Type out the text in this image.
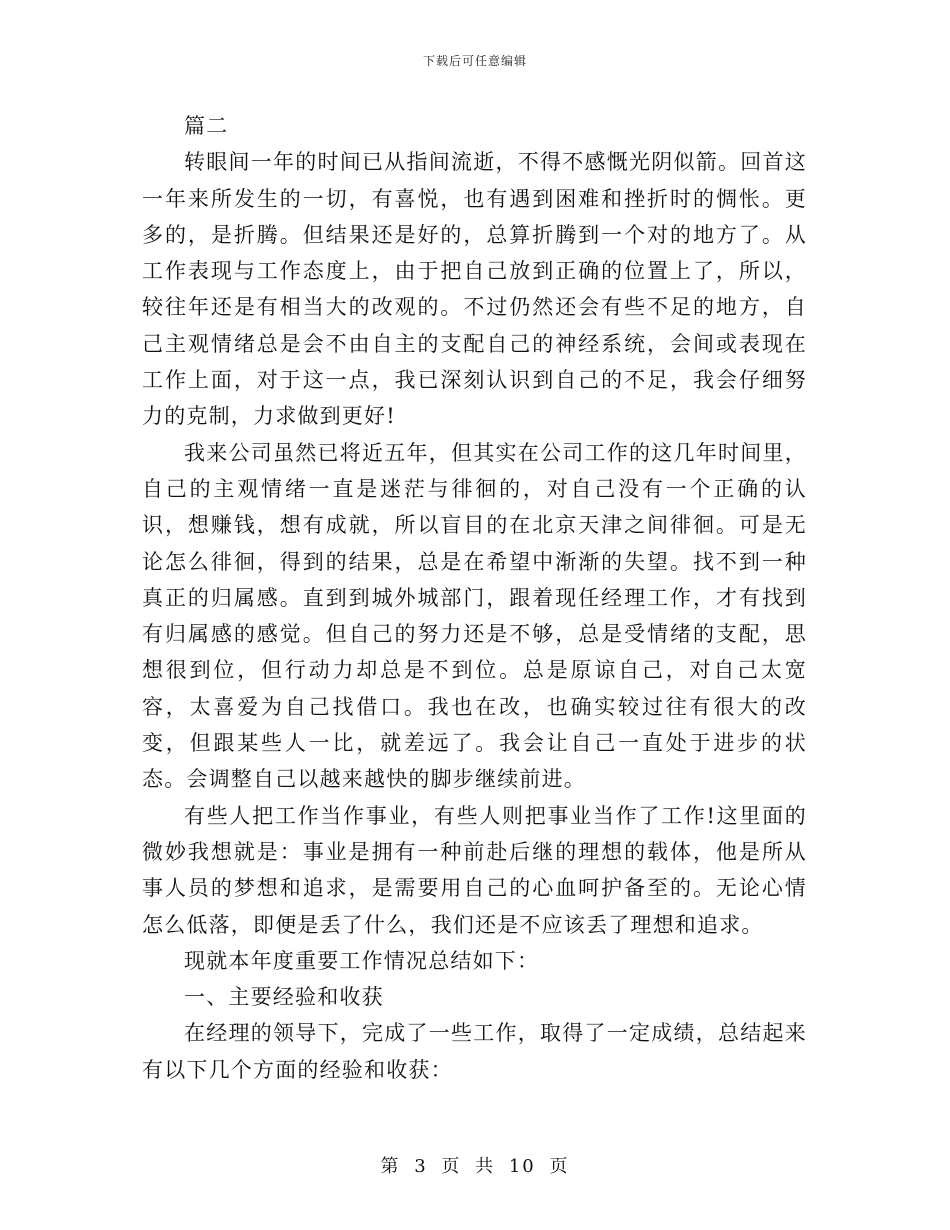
下载后可任意编辑

篇二

转眼间一年的时间已从指间流逝，不得不感慨光阴似箭。回首这一年来所发生的一切，有喜悦，也有遇到困难和挫折时的惆怅。更多的，是折腾。但结果还是好的，总算折腾到一个对的地方了。从工作表现与工作态度上，由于把自己放到正确的位置上了，所以，较往年还是有相当大的改观的。不过仍然还会有些不足的地方，自己主观情绪总是会不由自主的支配自己的神经系统，会间或表现在工作上面，对于这一点，我已深刻认识到自己的不足，我会仔细努力的克制，力求做到更好!

我来公司虽然已将近五年，但其实在公司工作的这几年时间里，自己的主观情绪一直是迷茫与徘徊的，对自己没有一个正确的认识，想赚钱，想有成就，所以盲目的在北京天津之间徘徊。可是无论怎么徘徊，得到的结果，总是在希望中渐渐的失望。找不到一种真正的归属感。直到到城外城部门，跟着现任经理工作，才有找到有归属感的感觉。但自己的努力还是不够，总是受情绪的支配，思想很到位，但行动力却总是不到位。总是原谅自己，对自己太宽容，太喜爱为自己找借口。我也在改，也确实较过往有很大的改变，但跟某些人一比，就差远了。我会让自己一直处于进步的状态。会调整自己以越来越快的脚步继续前进。

有些人把工作当作事业，有些人则把事业当作了工作!这里面的微妙我想就是：事业是拥有一种前赴后继的理想的载体，他是所从事人员的梦想和追求，是需要用自己的心血呵护备至的。无论心情怎么低落，即便是丢了什么，我们还是不应该丢了理想和追求。

现就本年度重要工作情况总结如下：

一、主要经验和收获

在经理的领导下，完成了一些工作，取得了一定成绩，总结起来有以下几个方面的经验和收获：

第 3 页 共 10 页
